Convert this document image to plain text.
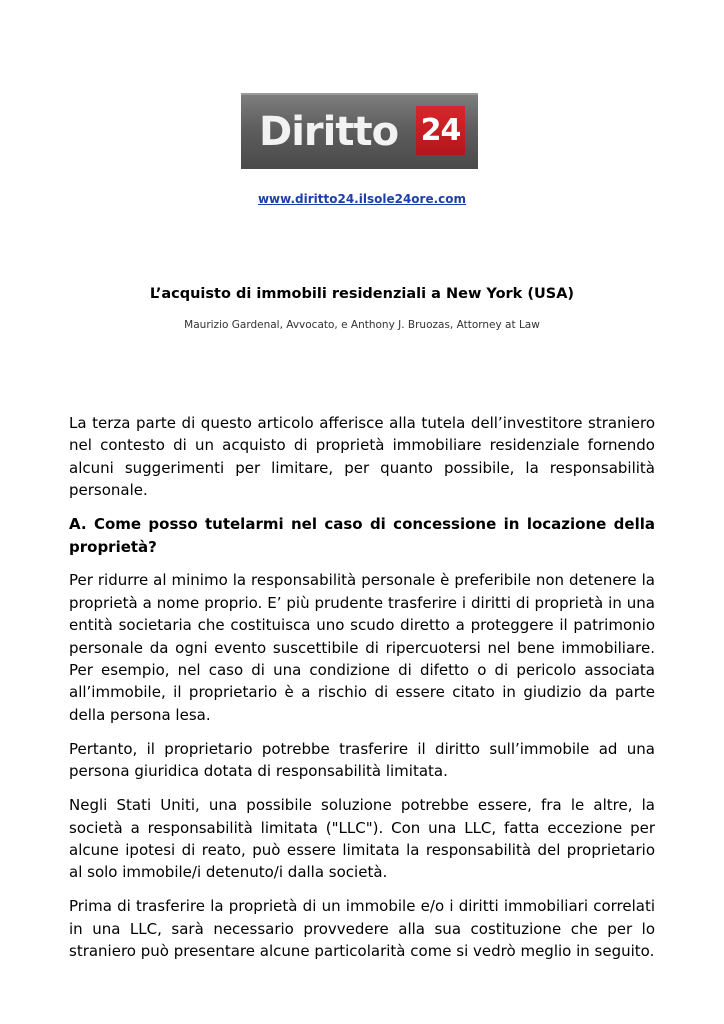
Diritto 24
www.diritto24.ilsole24ore.com
L’acquisto di immobili residenziali a New York (USA)
Maurizio Gardenal, Avvocato, e Anthony J. Bruozas, Attorney at Law

La terza parte di questo articolo afferisce alla tutela dell’investitore straniero nel contesto di un acquisto di proprietà immobiliare residenziale fornendo alcuni suggerimenti per limitare, per quanto possibile, la responsabilità personale.

A. Come posso tutelarmi nel caso di concessione in locazione della proprietà?

Per ridurre al minimo la responsabilità personale è preferibile non detenere la proprietà a nome proprio. E’ più prudente trasferire i diritti di proprietà in una entità societaria che costituisca uno scudo diretto a proteggere il patrimonio personale da ogni evento suscettibile di ripercuotersi nel bene immobiliare. Per esempio, nel caso di una condizione di difetto o di pericolo associata all’immobile, il proprietario è a rischio di essere citato in giudizio da parte della persona lesa.

Pertanto, il proprietario potrebbe trasferire il diritto sull’immobile ad una persona giuridica dotata di responsabilità limitata.

Negli Stati Uniti, una possibile soluzione potrebbe essere, fra le altre, la società a responsabilità limitata ("LLC"). Con una LLC, fatta eccezione per alcune ipotesi di reato, può essere limitata la responsabilità del proprietario al solo immobile/i detenuto/i dalla società.

Prima di trasferire la proprietà di un immobile e/o i diritti immobiliari correlati in una LLC, sarà necessario provvedere alla sua costituzione che per lo straniero può presentare alcune particolarità come si vedrò meglio in seguito.
